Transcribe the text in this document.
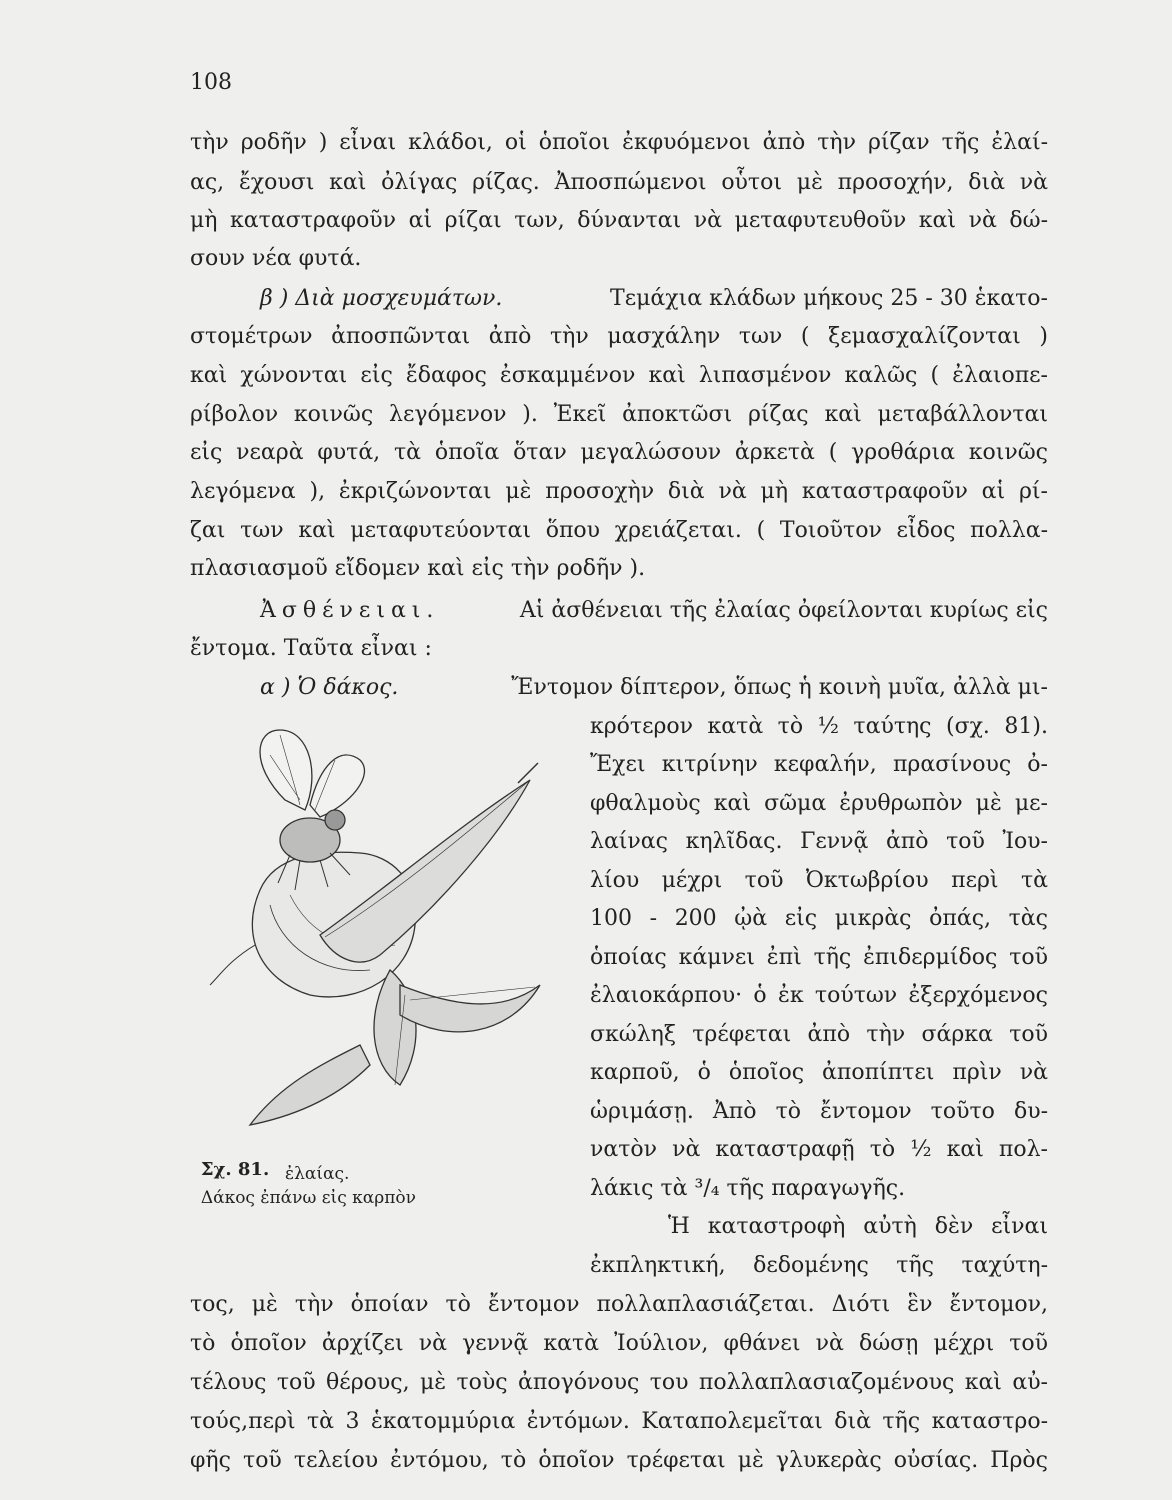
108
τὴν ροδῆν ) εἶναι κλάδοι, οἱ ὁποῖοι ἐκφυόμενοι ἀπὸ τὴν ρίζαν τῆς ἐλαί-
ας, ἔχουσι καὶ ὀλίγας ρίζας. Ἀποσπώμενοι οὗτοι μὲ προσοχήν, διὰ νὰ
μὴ καταστραφοῦν αἱ ρίζαι των, δύνανται νὰ μεταφυτευθοῦν καὶ νὰ δώ-
σουν νέα φυτά.
β ) Διὰ μοσχευμάτων.	Τεμάχια κλάδων μήκους 25 - 30 ἑκατο-
στομέτρων ἀποσπῶνται ἀπὸ τὴν μασχάλην των ( ξεμασχαλίζονται )
καὶ χώνονται εἰς ἔδαφος ἐσκαμμένον καὶ λιπασμένον καλῶς ( ἐλαιοπε-
ρίβολον κοινῶς λεγόμενον ). Ἐκεῖ ἀποκτῶσι ρίζας καὶ μεταβάλλονται
εἰς νεαρὰ φυτά, τὰ ὁποῖα ὅταν μεγαλώσουν ἀρκετὰ ( γροθάρια κοινῶς
λεγόμενα ), ἐκριζώνονται μὲ προσοχὴν διὰ νὰ μὴ καταστραφοῦν αἱ ρί-
ζαι των καὶ μεταφυτεύονται ὅπου χρειάζεται. ( Τοιοῦτον εἶδος πολλα-
πλασιασμοῦ εἴδομεν καὶ εἰς τὴν ροδῆν ).
Ἀσθένειαι.	Αἱ ἀσθένειαι τῆς ἐλαίας ὀφείλονται κυρίως εἰς
ἔντομα. Ταῦτα εἶναι :
α ) Ὁ δάκος.	Ἔντομον δίπτερον, ὅπως ἡ κοινὴ μυῖα, ἀλλὰ μι-
κρότερον κατὰ τὸ ½ ταύτης (σχ. 81).
Ἔχει κιτρίνην κεφαλήν, πρασίνους ὀ-
φθαλμοὺς καὶ σῶμα ἐρυθρωπὸν μὲ με-
λαίνας κηλῖδας. Γεννᾷ ἀπὸ τοῦ Ἰου-
λίου μέχρι τοῦ Ὀκτωβρίου περὶ τὰ
100 - 200 ᾠὰ εἰς μικρὰς ὀπάς, τὰς
ὁποίας κάμνει ἐπὶ τῆς ἐπιδερμίδος τοῦ
ἐλαιοκάρπου· ὁ ἐκ τούτων ἐξερχόμενος
σκώληξ τρέφεται ἀπὸ τὴν σάρκα τοῦ
καρποῦ, ὁ ὁποῖος ἀποπίπτει πρὶν νὰ
ὡριμάσῃ. Ἀπὸ τὸ ἔντομον τοῦτο δυ-
νατὸν νὰ καταστραφῇ τὸ ½ καὶ πολ-
λάκις τὰ ³/₄ τῆς παραγωγῆς.
Ἡ καταστροφὴ αὐτὴ δὲν εἶναι
ἐκπληκτική, δεδομένης τῆς ταχύτη-
τος, μὲ τὴν ὁποίαν τὸ ἔντομον πολλαπλασιάζεται. Διότι ἓν ἔντομον,
τὸ ὁποῖον ἀρχίζει νὰ γεννᾷ κατὰ Ἰούλιον, φθάνει νὰ δώσῃ μέχρι τοῦ
τέλους τοῦ θέρους, μὲ τοὺς ἀπογόνους του πολλαπλασιαζομένους καὶ αὐ-
τούς,περὶ τὰ 3 ἑκατομμύρια ἐντόμων. Καταπολεμεῖται διὰ τῆς καταστρο-
φῆς τοῦ τελείου ἐντόμου, τὸ ὁποῖον τρέφεται μὲ γλυκερὰς οὐσίας. Πρὸς

Σχ. 81.
Δάκος ἐπάνω εἰς καρπὸν

ἐλαίας.
